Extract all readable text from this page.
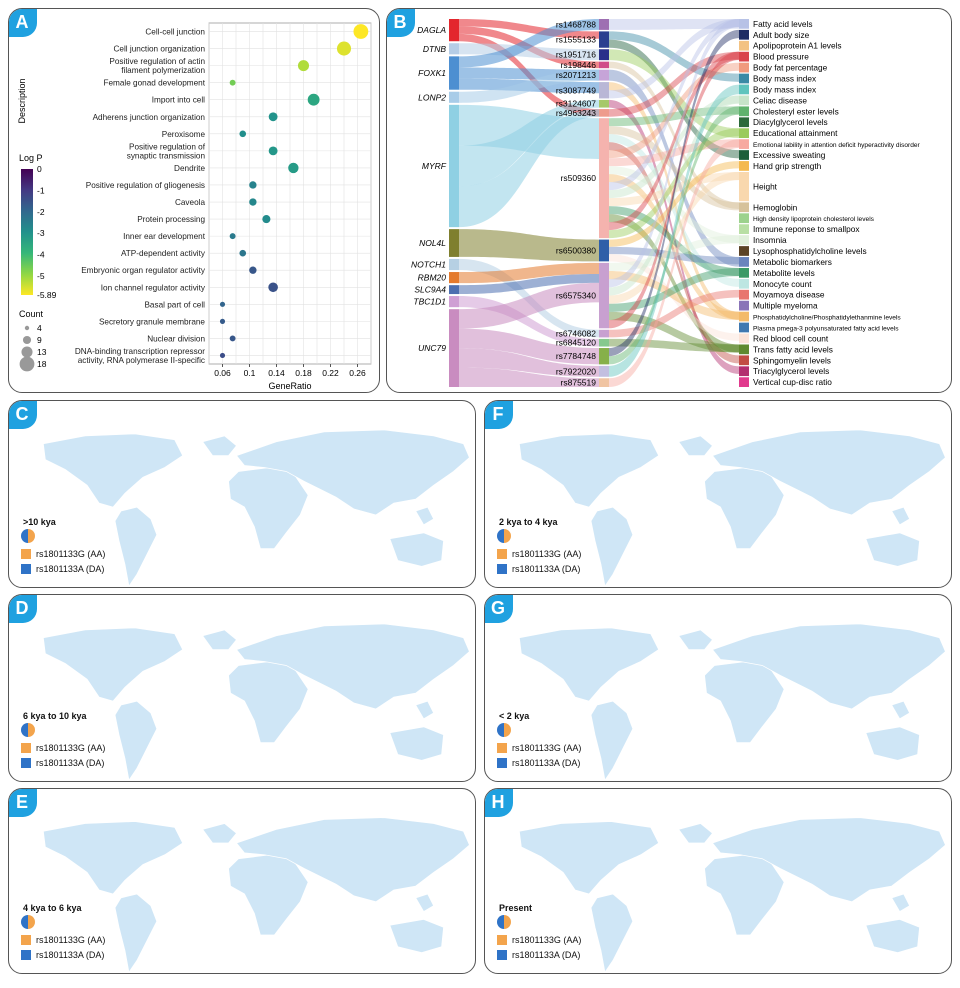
A
Cell-cell junction
Cell junction organization
Positive regulation of actin
filament polymerization
Female gonad development
Import into cell
Adherens junction organization
Peroxisome
Positive regulation of
synaptic transmission
Dendrite
Positive regulation of gliogenesis
Caveola
Protein processing
Inner ear development
ATP-dependent activity
Embryonic organ regulator activity
Ion channel regulator activity
Basal part of cell
Secretory granule membrane
Nuclear division
DNA-binding transcription repressor
activity, RNA polymerase II-specific
0.06 0.1 0.14 0.18 0.22 0.26
GeneRatio
Description
Log P
0
-1
-2
-3
-4
-5
-5.89
Count
4
9
13
18
B	DAGLA
DTNB
FOXK1
LONP2
MYRF
NOL4L
NOTCH1
RBM20
SLC9A4
TBC1D1
UNC79
rs1468788
rs1555133
rs1951716
rs198446
rs2071213
rs3087749
rs3124607
rs4963243
rs509360
rs6500380
rs6575340
rs6746082
rs6845120
rs7784748
rs7922020
rs875519
Fatty acid levels
Adult body size
Apolipoprotein A1 levels
Blood pressure
Body fat percentage
Body mass index
Body mass index
Celiac disease
Cholesteryl ester levels
Diacylglycerol levels
Educational attainment
Emotional lability in attention deficit hyperactivity disorder
Excessive sweating
Hand grip strength
Height
Hemoglobin
High density lipoprotein cholesterol levels
Immune reponse to smallpox
Insomnia
Lysophosphatidylcholine levels
Metabolic biomarkers
Metabolite levels
Monocyte count
Moyamoya disease
Multiple myeloma
Phosphatidylcholine/Phosphatidylethanmine levels
Plasma pmega-3 polyunsaturated fatty acid levels
Red blood cell count
Trans fatty acid levels
Sphingomyelin levels
Triacylglycerol levels
Vertical cup-disc ratio
C
>10 kya
rs1801133G (AA)
rs1801133A (DA)
D
6 kya to 10 kya
rs1801133G (AA)
rs1801133A (DA)
E
4 kya to 6 kya
rs1801133G (AA)
rs1801133A (DA)
F
2 kya to 4 kya
rs1801133G (AA)
rs1801133A (DA)
G
< 2 kya
rs1801133G (AA)
rs1801133A (DA)
H
Present
rs1801133G (AA)
rs1801133A (DA)
